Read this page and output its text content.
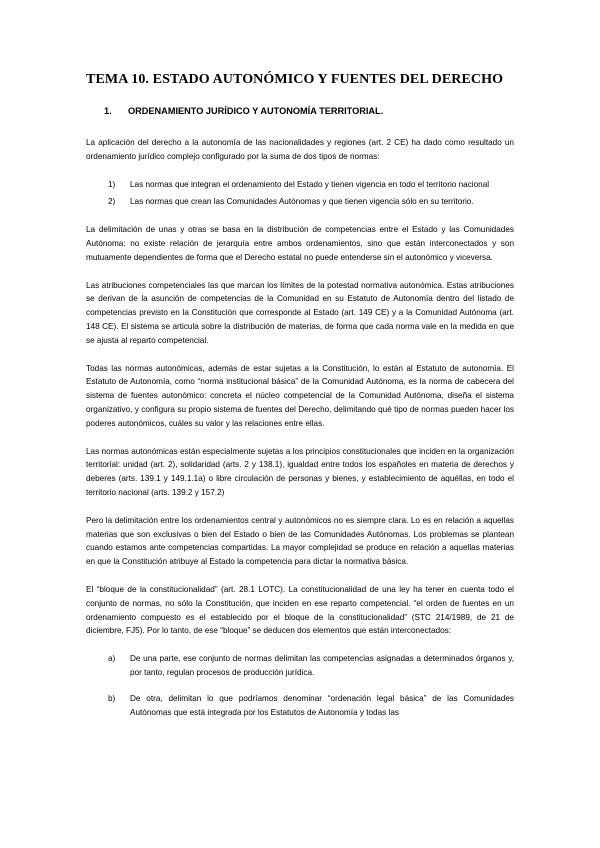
TEMA 10. ESTADO AUTONÓMICO Y FUENTES DEL DERECHO
1. ORDENAMIENTO JURÍDICO Y AUTONOMÍA TERRITORIAL.

La aplicación del derecho a la autonomía de las nacionalidades y regiones (art. 2 CE) ha dado como resultado un ordenamiento jurídico complejo configurado por la suma de dos tipos de normas:

1) Las normas que integran el ordenamiento del Estado y tienen vigencia en todo el territorio nacional
2) Las normas que crean las Comunidades Autónomas y que tienen vigencia sólo en su territorio.

La delimitación de unas y otras se basa en la distribución de competencias entre el Estado y las Comunidades Autónoma: no existe relación de jerarquía entre ambos ordenamientos, sino que están interconectados y son mutuamente dependientes de forma que el Derecho estatal no puede entenderse sin el autonómico y viceversa.

Las atribuciones competenciales las que marcan los límites de la potestad normativa autonómica. Estas atribuciones se derivan de la asunción de competencias de la Comunidad en su Estatuto de Autonomía dentro del listado de competencias previsto en la Constitución que corresponde al Estado (art. 149 CE) y a la Comunidad Autónoma (art. 148 CE). El sistema se articula sobre la distribución de materias, de forma que cada norma vale en la medida en que se ajusta al reparto competencial.

Todas las normas autonómicas, además de estar sujetas a la Constitución, lo están al Estatuto de autonomía. El Estatuto de Autonomía, como “norma institucional básica” de la Comunidad Autónoma, es la norma de cabecera del sistema de fuentes autonómico: concreta el núcleo competencial de la Comunidad Autónoma, diseña el sistema organizativo, y configura su propio sistema de fuentes del Derecho, delimitando qué tipo de normas pueden hacer los poderes autonómicos, cuáles su valor y las relaciones entre ellas.

Las normas autonómicas están especialmente sujetas a los principios constitucionales que inciden en la organización territorial: unidad (art. 2), solidaridad (arts. 2 y 138.1), igualdad entre todos los españoles en materia de derechos y deberes (arts. 139.1 y 149.1.1a) o libre circulación de personas y bienes, y establecimiento de aquéllas, en todo el territorio nacional (arts. 139.2 y 157.2)

Pero la delimitación entre los ordenamientos central y autonómicos no es siempre clara. Lo es en relación a aquellas materias que son exclusivas o bien del Estado o bien de las Comunidades Autónomas. Los problemas se plantean cuando estamos ante competencias compartidas. La mayor complejidad se produce en relación a aquellas materias en que la Constitución atribuye al Estado la competencia para dictar la normativa básica.

El “bloque de la constitucionalidad” (art. 28.1 LOTC). La constitucionalidad de una ley ha tener en cuenta todo el conjunto de normas, no sólo la Constitución, que inciden en ese reparto competencial. “el orden de fuentes en un ordenamiento compuesto es el establecido por el bloque de la constitucionalidad” (STC 214/1989, de 21 de diciembre, FJ5). Por lo tanto, de ese “bloque” se deducen dos elementos que están interconectados:

a) De una parte, ese conjunto de normas delimitan las competencias asignadas a determinados órganos y, por tanto, regulan procesos de producción jurídica.
b) De otra, delimitan lo que podríamos denominar “ordenación legal básica” de las Comunidades Autónomas que está integrada por los Estatutos de Autonomía y todas las
